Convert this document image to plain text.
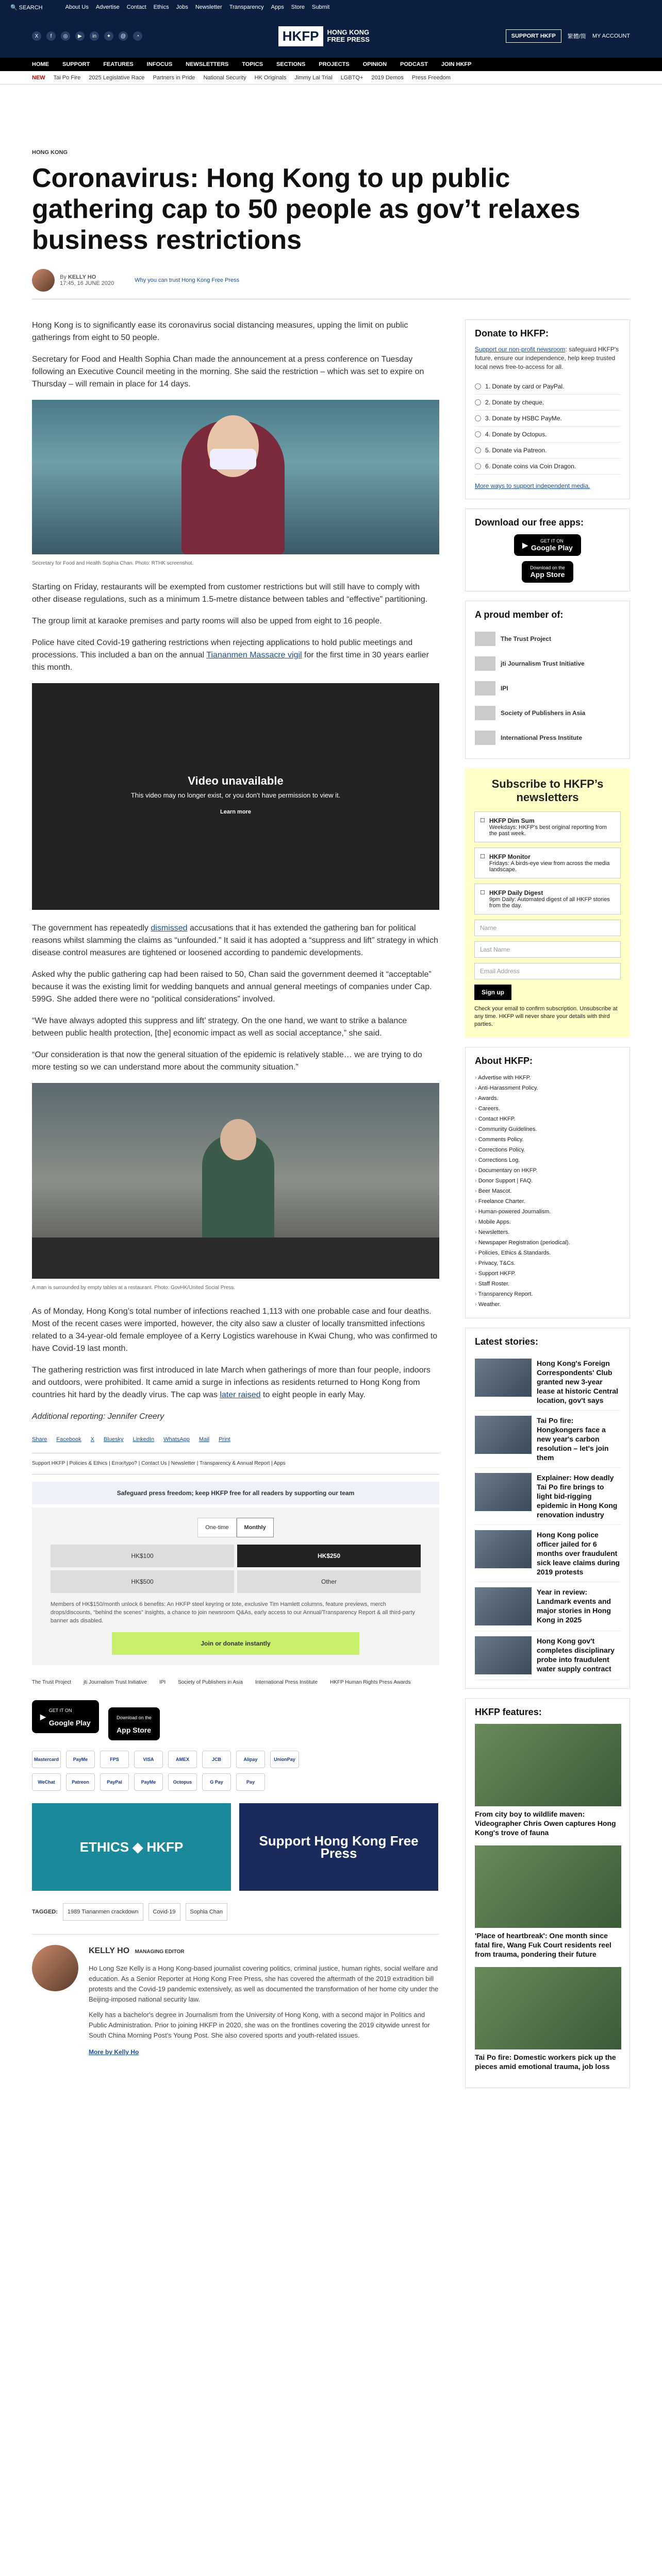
🔍 SEARCH	About Us Advertise Contact Ethics Jobs Newsletter Transparency Apps Store Submit
X	f	◎	▶	in	✦	@	◔	HKFP	HONG KONG
FREE PRESS	SUPPORT HKFP	繁體/简 MY ACCOUNT
HOME SUPPORT FEATURES INFOCUS NEWSLETTERS TOPICS SECTIONS PROJECTS OPINION PODCAST JOIN HKFP
NEW Tai Po Fire 2025 Legislative Race Partners in Pride National Security HK Originals Jimmy Lai Trial LGBTQ+ 2019 Demos Press Freedom
HONG KONG
Coronavirus: Hong Kong to up public gathering cap to 50 people as gov’t relaxes business restrictions
By KELLY HO
17:45, 16 JUNE 2020	Why you can trust Hong Kong Free Press

Hong Kong is to significantly ease its coronavirus social distancing measures, upping the limit on public gatherings from eight to 50 people.

Secretary for Food and Health Sophia Chan made the announcement at a press conference on Tuesday following an Executive Council meeting in the morning. She said the restriction – which was set to expire on Thursday – will remain in place for 14 days.

Secretary for Food and Health Sophia Chan. Photo: RTHK screenshot.

Starting on Friday, restaurants will be exempted from customer restrictions but will still have to comply with other disease regulations, such as a minimum 1.5-metre distance between tables and “effective” partitioning.

The group limit at karaoke premises and party rooms will also be upped from eight to 16 people.

Police have cited Covid-19 gathering restrictions when rejecting applications to hold public meetings and processions. This included a ban on the annual Tiananmen Massacre vigil for the first time in 30 years earlier this month.

Video unavailable
This video may no longer exist, or you don't have permission to view it.
Learn more

The government has repeatedly dismissed accusations that it has extended the gathering ban for political reasons whilst slamming the claims as “unfounded.” It said it has adopted a “suppress and lift” strategy in which disease control measures are tightened or loosened according to pandemic developments.

Asked why the public gathering cap had been raised to 50, Chan said the government deemed it “acceptable” because it was the existing limit for wedding banquets and annual general meetings of companies under Cap. 599G. She added there were no “political considerations” involved.

“We have always adopted this suppress and lift’ strategy. On the one hand, we want to strike a balance between public health protection, [the] economic impact as well as social acceptance,” she said.

“Our consideration is that now the general situation of the epidemic is relatively stable… we are trying to do more testing so we can understand more about the community situation.”

A man is surrounded by empty tables at a restaurant. Photo: GovHK/United Social Press.

As of Monday, Hong Kong’s total number of infections reached 1,113 with one probable case and four deaths. Most of the recent cases were imported, however, the city also saw a cluster of locally transmitted infections related to a 34-year-old female employee of a Kerry Logistics warehouse in Kwai Chung, who was confirmed to have Covid-19 last month.

The gathering restriction was first introduced in late March when gatherings of more than four people, indoors and outdoors, were prohibited. It came amid a surge in infections as residents returned to Hong Kong from countries hit hard by the deadly virus. The cap was later raised to eight people in early May.

Additional reporting: Jennifer Creery

Share Facebook X Bluesky LinkedIn WhatsApp Mail Print
Support HKFP | Policies & Ethics | Error/typo? | Contact Us | Newsletter | Transparency & Annual Report | Apps
Safeguard press freedom; keep HKFP free for all readers by supporting our team
One-time	Monthly
HK$100	HK$250
HK$500	Other
Members of HK$150/month unlock 6 benefits: An HKFP steel keyring or tote, exclusive Tim Hamlett columns, feature previews, merch drops/discounts, “behind the scenes” insights, a chance to join newsroom Q&As, early access to our Annual/Transparency Report & all third-party banner ads disabled.
Join or donate instantly
The Trust Project jti Journalism Trust Initiative IPI Society of Publishers in Asia International Press Institute HKFP Human Rights Press Awards
▶
GET IT ON
Google Play

Download on the
App Store
Mastercard	PayMe	FPS	VISA	AMEX	JCB	Alipay	UnionPay
WeChat	Patreon	PayPal	PayMe	Octopus	G Pay	Pay
ETHICS ◆ HKFP	Support Hong Kong Free Press
TAGGED:	1989 Tiananmen crackdown	Covid-19	Sophia Chan
KELLY HO MANAGING EDITOR

Ho Long Sze Kelly is a Hong Kong-based journalist covering politics, criminal justice, human rights, social welfare and education. As a Senior Reporter at Hong Kong Free Press, she has covered the aftermath of the 2019 extradition bill protests and the Covid-19 pandemic extensively, as well as documented the transformation of her home city under the Beijing-imposed national security law.

Kelly has a bachelor's degree in Journalism from the University of Hong Kong, with a second major in Politics and Public Administration. Prior to joining HKFP in 2020, she was on the frontlines covering the 2019 citywide unrest for South China Morning Post's Young Post. She also covered sports and youth-related issues.

More by Kelly Ho
Donate to HKFP:

Support our non-profit newsroom: safeguard HKFP's future, ensure our independence, help keep trusted local news free-to-access for all.

1. Donate by card or PayPal.
2. Donate by cheque.
3. Donate by HSBC PayMe.
4. Donate by Octopus.
5. Donate via Patreon.
6. Donate coins via Coin Dragon.

More ways to support independent media.

Download our free apps:
▶	GET IT ON
Google Play

Download on the
App Store
A proud member of:
The Trust Project
jti Journalism Trust Initiative
IPI
Society of Publishers in Asia
International Press Institute
Subscribe to HKFP’s newsletters
☐ HKFP Dim Sum
Weekdays: HKFP's best original reporting from the past week.
☐ HKFP Monitor
Fridays: A birds-eye view from across the media landscape.
☐ HKFP Daily Digest
9pm Daily: Automated digest of all HKFP stories from the day.
Name
Last Name
Email Address
Sign up

Check your email to confirm subscription. Unsubscribe at any time. HKFP will never share your details with third parties.

About HKFP:
› Advertise with HKFP.
› Anti-Harassment Policy.
› Awards.
› Careers.
› Contact HKFP.
› Community Guidelines.
› Comments Policy.
› Corrections Policy.
› Corrections Log.
› Documentary on HKFP.
› Donor Support | FAQ.
› Beer Mascot.
› Freelance Charter.
› Human-powered Journalism.
› Mobile Apps.
› Newsletters.
› Newspaper Registration (periodical).
› Policies, Ethics & Standards.
› Privacy, T&Cs.
› Support HKFP.
› Staff Roster.
› Transparency Report.
› Weather.
Latest stories:
Hong Kong's Foreign Correspondents' Club granted new 3-year lease at historic Central location, gov't says
Tai Po fire: Hongkongers face a new year's carbon resolution – let's join them
Explainer: How deadly Tai Po fire brings to light bid-rigging epidemic in Hong Kong renovation industry
Hong Kong police officer jailed for 6 months over fraudulent sick leave claims during 2019 protests
Year in review: Landmark events and major stories in Hong Kong in 2025
Hong Kong gov't completes disciplinary probe into fraudulent water supply contract
HKFP features:
From city boy to wildlife maven: Videographer Chris Owen captures Hong Kong's trove of fauna
'Place of heartbreak': One month since fatal fire, Wang Fuk Court residents reel from trauma, pondering their future
Tai Po fire: Domestic workers pick up the pieces amid emotional trauma, job loss
